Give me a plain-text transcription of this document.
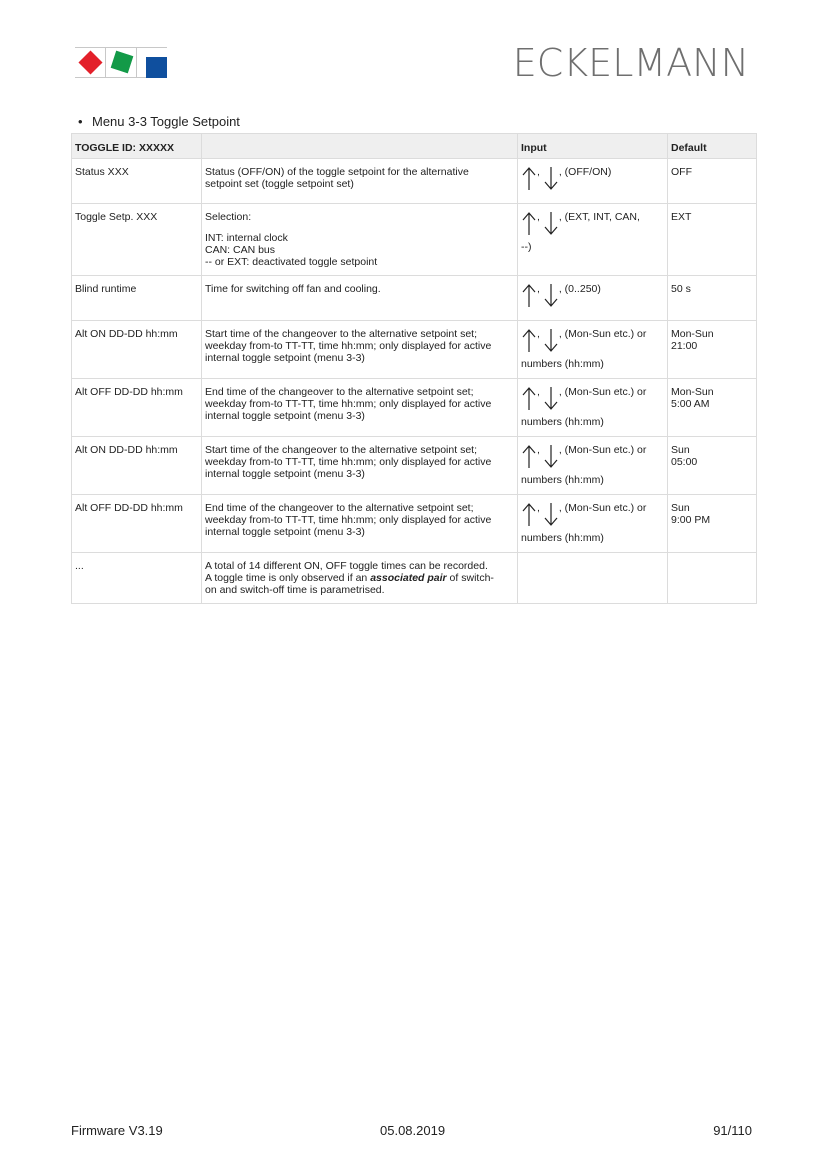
ECKELMANN
• Menu 3-3 Toggle Setpoint
TOGGLE ID: XXXXX		Input	Default
Status XXX	Status (OFF/ON) of the toggle setpoint for the alternative
setpoint set (toggle setpoint set)	, , (OFF/ON)	OFF

Toggle Setp. XXX	Selection:
INT: internal clock
CAN: CAN bus
-- or EXT: deactivated toggle setpoint	, , (EXT, INT, CAN,
--)	EXT

Blind runtime	Time for switching off fan and cooling.	, , (0..250)	50 s

Alt ON DD-DD hh:mm	Start time of the changeover to the alternative setpoint set;
weekday from-to TT-TT, time hh:mm; only displayed for active
internal toggle setpoint (menu 3-3)	, , (Mon-Sun etc.) or
numbers (hh:mm)	Mon-Sun
21:00

Alt OFF DD-DD hh:mm	End time of the changeover to the alternative setpoint set;
weekday from-to TT-TT, time hh:mm; only displayed for active
internal toggle setpoint (menu 3-3)	, , (Mon-Sun etc.) or
numbers (hh:mm)	Mon-Sun
5:00 AM

Alt ON DD-DD hh:mm	Start time of the changeover to the alternative setpoint set;
weekday from-to TT-TT, time hh:mm; only displayed for active
internal toggle setpoint (menu 3-3)	, , (Mon-Sun etc.) or
numbers (hh:mm)	Sun
05:00

Alt OFF DD-DD hh:mm	End time of the changeover to the alternative setpoint set;
weekday from-to TT-TT, time hh:mm; only displayed for active
internal toggle setpoint (menu 3-3)	, , (Mon-Sun etc.) or
numbers (hh:mm)	Sun
9:00 PM

...	A total of 14 different ON, OFF toggle times can be recorded.
A toggle time is only observed if an associated pair of switch-
on and switch-off time is parametrised.		

Firmware V3.19	05.08.2019	91/110
